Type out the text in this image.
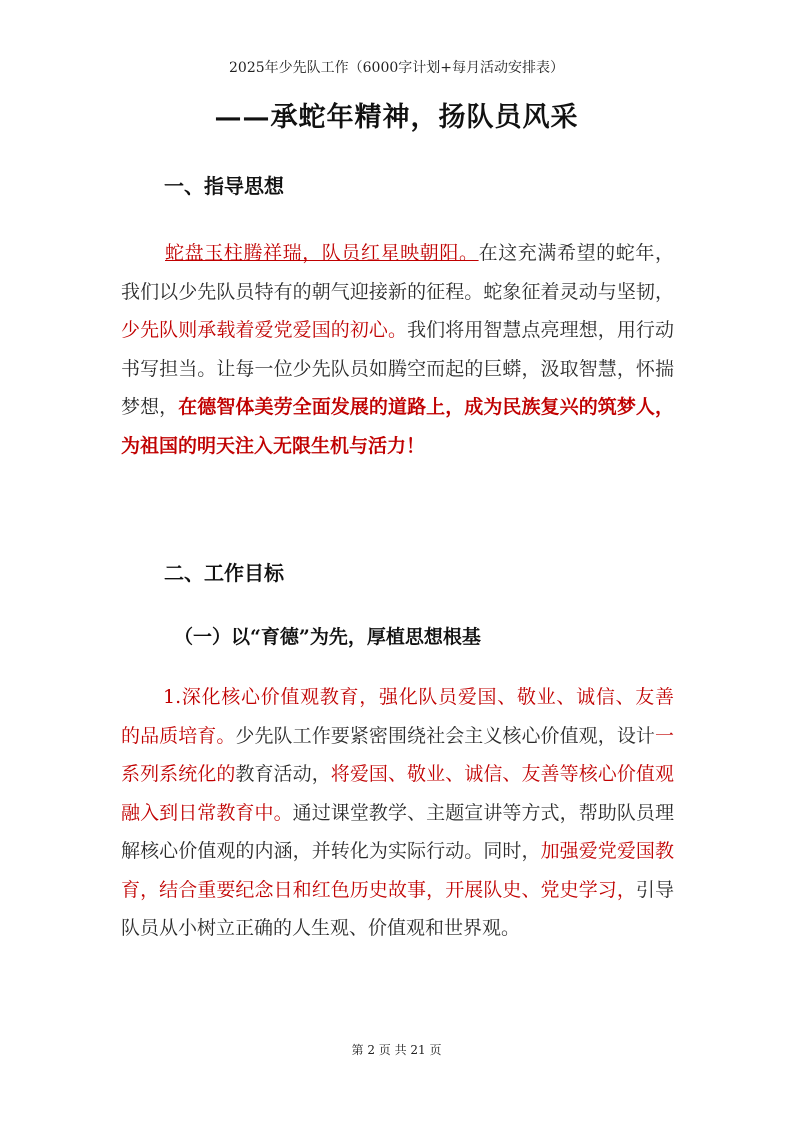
2025年少先队工作（6000字计划+每月活动安排表）
——承蛇年精神，扬队员风采
一、指导思想

蛇盘玉柱腾祥瑞，队员红星映朝阳。在这充满希望的蛇年，我们以少先队员特有的朝气迎接新的征程。蛇象征着灵动与坚韧，少先队则承载着爱党爱国的初心。我们将用智慧点亮理想，用行动书写担当。让每一位少先队员如腾空而起的巨蟒，汲取智慧，怀揣梦想，在德智体美劳全面发展的道路上，成为民族复兴的筑梦人，为祖国的明天注入无限生机与活力！

二、工作目标
（一）以“育德”为先，厚植思想根基

1.深化核心价值观教育，强化队员爱国、敬业、诚信、友善的品质培育。少先队工作要紧密围绕社会主义核心价值观，设计一系列系统化的教育活动，将爱国、敬业、诚信、友善等核心价值观融入到日常教育中。通过课堂教学、主题宣讲等方式，帮助队员理解核心价值观的内涵，并转化为实际行动。同时，加强爱党爱国教育，结合重要纪念日和红色历史故事，开展队史、党史学习，引导队员从小树立正确的人生观、价值观和世界观。

第 2 页 共 21 页
